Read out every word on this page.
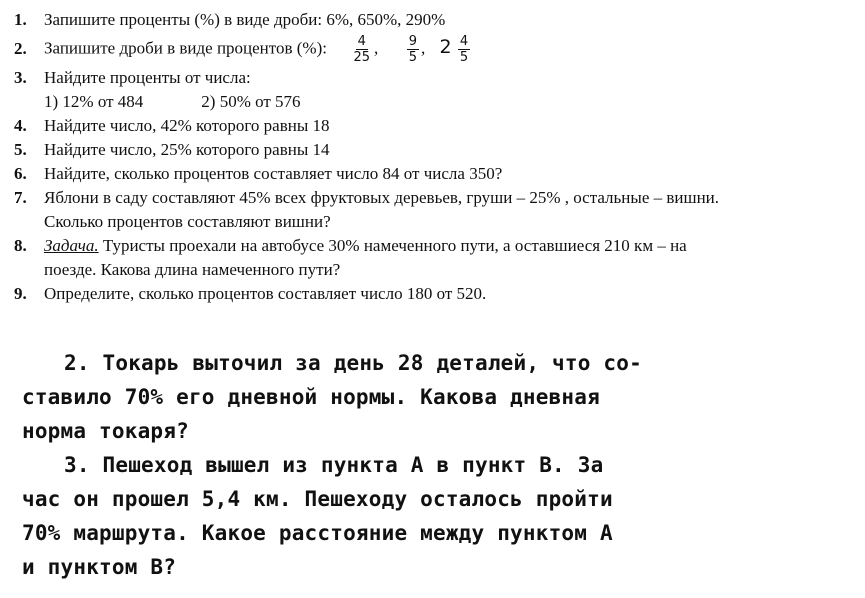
1.	Запишите проценты (%) в виде дроби: 6%, 650%, 290%
2.	Запишите дроби в виде процентов (%): $\frac{4}{25}$ , $\frac{9}{5}$ , $2 \frac{4}{5}$
3.	Найдите проценты от числа:
1) 12% от 484	2) 50% от 576
4.	Найдите число, 42% которого равны 18
5.	Найдите число, 25% которого равны 14
6.	Найдите, сколько процентов составляет число 84 от числа 350?
7.	Яблони в саду составляют 45% всех фруктовых деревьев, груши – 25% , остальные – вишни.
Сколько процентов составляют вишни?
8.	Задача. Туристы проехали на автобусе 30% намеченного пути, а оставшиеся 210 км – на
поезде. Какова длина намеченного пути?
9.	Определите, сколько процентов составляет число 180 от 520.

2. Токарь выточил за день 28 деталей, что со-

ставило 70% его дневной нормы. Какова дневная

норма токаря?

3. Пешеход вышел из пункта А в пункт В. За

час он прошел 5,4 км. Пешеходу осталось пройти

70% маршрута. Какое расстояние между пунктом А

и пунктом В?
